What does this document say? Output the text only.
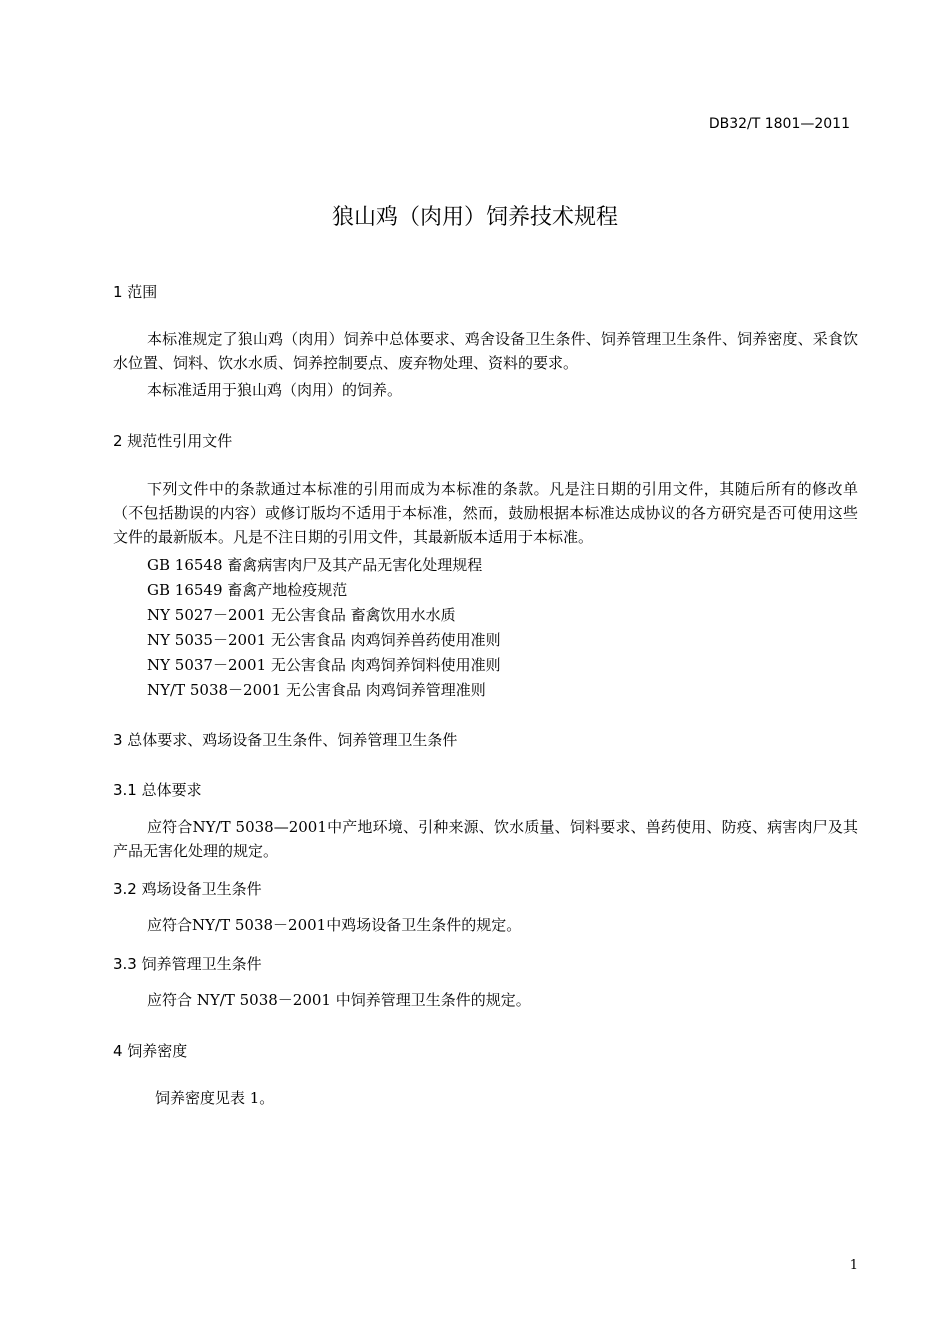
DB32/T 1801—2011
狼山鸡（肉用）饲养技术规程
1 范围
本标准规定了狼山鸡（肉用）饲养中总体要求、鸡舍设备卫生条件、饲养管理卫生条件、饲养密度、采食饮水位置、饲料、饮水水质、饲养控制要点、废弃物处理、资料的要求。
本标准适用于狼山鸡（肉用）的饲养。
2 规范性引用文件
下列文件中的条款通过本标准的引用而成为本标准的条款。凡是注日期的引用文件，其随后所有的修改单（不包括勘误的内容）或修订版均不适用于本标准，然而，鼓励根据本标准达成协议的各方研究是否可使用这些文件的最新版本。凡是不注日期的引用文件，其最新版本适用于本标准。
GB 16548 畜禽病害肉尸及其产品无害化处理规程
GB 16549 畜禽产地检疫规范
NY 5027－2001 无公害食品 畜禽饮用水水质
NY 5035－2001 无公害食品 肉鸡饲养兽药使用准则
NY 5037－2001 无公害食品 肉鸡饲养饲料使用准则
NY/T 5038－2001 无公害食品 肉鸡饲养管理准则
3 总体要求、鸡场设备卫生条件、饲养管理卫生条件
3.1 总体要求
应符合NY/T 5038—2001中产地环境、引种来源、饮水质量、饲料要求、兽药使用、防疫、病害肉尸及其产品无害化处理的规定。
3.2 鸡场设备卫生条件
应符合NY/T 5038－2001中鸡场设备卫生条件的规定。
3.3 饲养管理卫生条件
应符合 NY/T 5038－2001 中饲养管理卫生条件的规定。
4 饲养密度
饲养密度见表 1。
1
